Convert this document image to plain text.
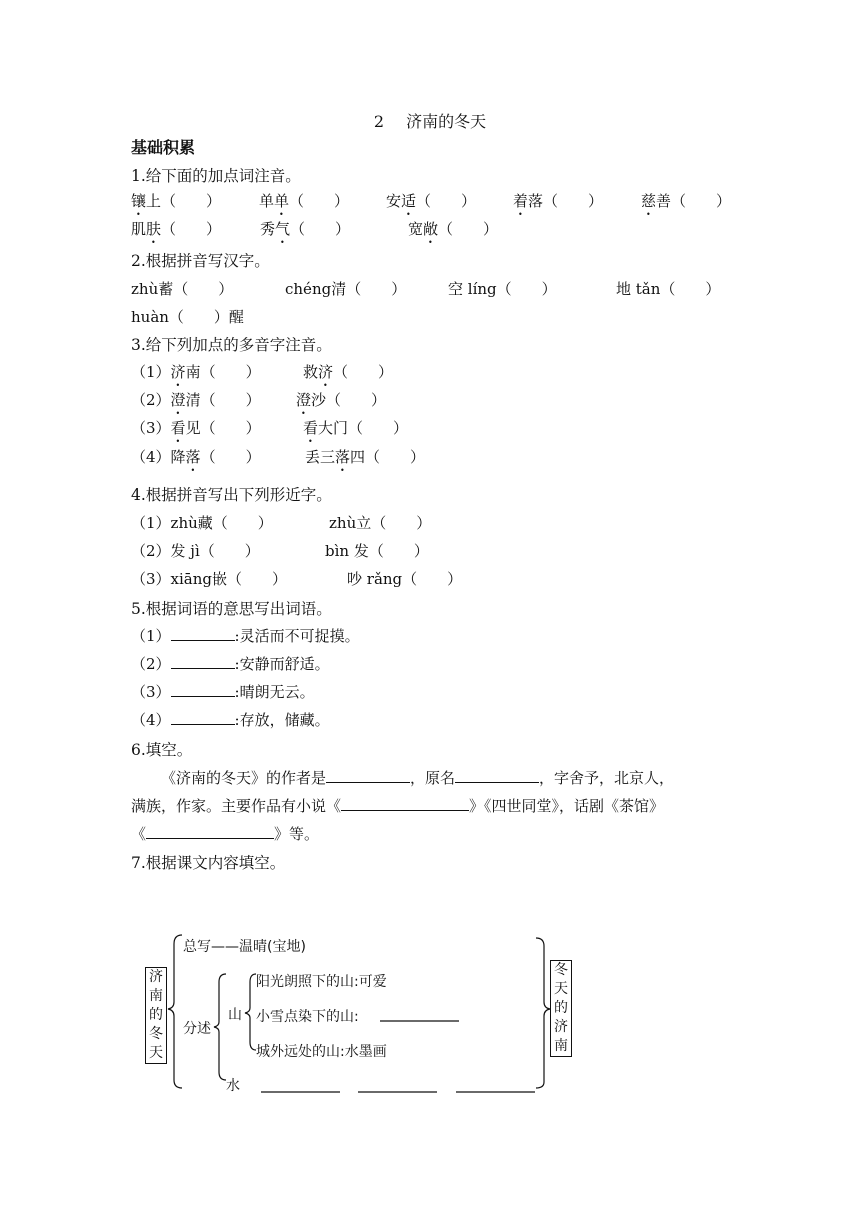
2 济南的冬天
基础积累
1.给下面的加点词注音。
镶上（　　）	单单（　　） 安适（　　） 着落（　　）	慈善（　　）
肌肤（　　）	秀气（　　）	宽敞（　　）
2.根据拼音写汉字。
zhù蓄（　　）	chéng清（　　）	空 líng（　　）	地 tǎn（　　）
huàn（　　）醒
3.给下列加点的多音字注音。
（1）济南（　　）	救济（　　）
（2）澄清（　　） 澄沙（　　）
（3）看见（　　）	看大门（　　）
（4）降落（　　）	丢三落四（　　）
4.根据拼音写出下列形近字。
（1）zhù藏（　　）	zhù立（　　）
（2）发 jì（　　）	bìn 发（　　）
（3）xiāng嵌（　　）	吵 rǎng（　　）
5.根据词语的意思写出词语。
（1）	:灵活而不可捉摸。
（2）	:安静而舒适。
（3）	:晴朗无云。
（4）	:存放，储藏。
6.填空。
《济南的冬天》的作者是	，原名	，字舍予，北京人，
满族，作家。主要作品有小说《	》《四世同堂》，话剧《茶馆》
《	》等。
7.根据课文内容填空。
济南的冬天
冬天的济南
总写——温晴(宝地)
分述
山
阳光朗照下的山:可爱
小雪点染下的山:
城外远处的山:水墨画
水
